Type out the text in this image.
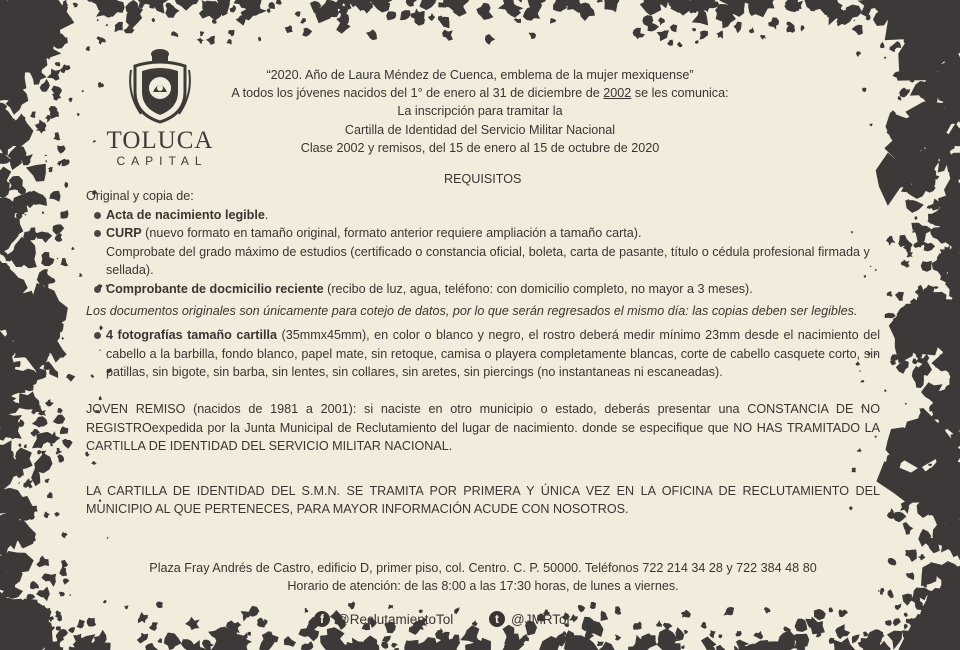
TOLUCA
CAPITAL
“2020. Año de Laura Méndez de Cuenca, emblema de la mujer mexiquense”
A todos los jóvenes nacidos del 1° de enero al 31 de diciembre de 2002 se les comunica:
La inscripción para tramitar la
Cartilla de Identidad del Servicio Militar Nacional
Clase 2002 y remisos, del 15 de enero al 15 de octubre de 2020
REQUISITOS

Original y copia de:

Acta de nacimiento legible.

CURP (nuevo formato en tamaño original, formato anterior requiere ampliación a tamaño carta).

Comprobate del grado máximo de estudios (certificado o constancia oficial, boleta, carta de pasante, título o cédula profesional firmada y sellada).

Comprobante de docmicilio reciente (recibo de luz, agua, teléfono: con domicilio completo, no mayor a 3 meses).

Los documentos originales son únicamente para cotejo de datos, por lo que serán regresados el mismo día: las copias deben ser legibles.

4 fotografías tamaño cartilla (35mmx45mm), en color o blanco y negro, el rostro deberá medir mínimo 23mm desde el nacimiento del cabello a la barbilla, fondo blanco, papel mate, sin retoque, camisa o playera completamente blancas, corte de cabello casquete corto, sin patillas, sin bigote, sin barba, sin lentes, sin collares, sin aretes, sin piercings (no instantaneas ni escaneadas).

JOVEN REMISO (nacidos de 1981 a 2001): si naciste en otro municipio o estado, deberás presentar una CONSTANCIA DE NO REGISTROexpedida por la Junta Municipal de Reclutamiento del lugar de nacimiento. donde se especifique que NO HAS TRAMITADO LA CARTILLA DE IDENTIDAD DEL SERVICIO MILITAR NACIONAL.

LA CARTILLA DE IDENTIDAD DEL S.M.N. SE TRAMITA POR PRIMERA Y ÚNICA VEZ EN LA OFICINA DE RECLUTAMIENTO DEL MUNICIPIO AL QUE PERTENECES, PARA MAYOR INFORMACIÓN ACUDE CON NOSOTROS.

Plaza Fray Andrés de Castro, edificio D, primer piso, col. Centro. C. P. 50000. Teléfonos 722 214 34 28 y 722 384 48 80
Horario de atención: de las 8:00 a las 17:30 horas, de lunes a viernes.
f @ReclutamientoTol	t @JMRTol
